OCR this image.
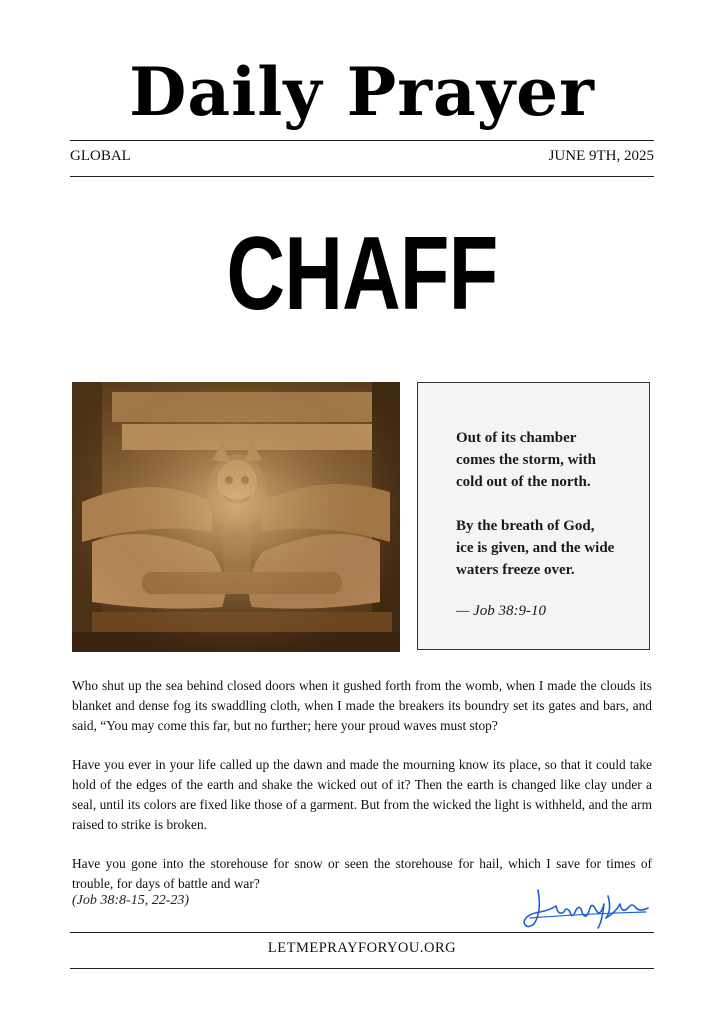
Daily Prayer
GLOBAL	JUNE 9TH, 2025
CHAFF

Out of its chamber

comes the storm, with

cold out of the north.

By the breath of God,

ice is given, and the wide

waters freeze over.

— Job 38:9-10

Who shut up the sea behind closed doors when it gushed forth from the womb, when I made the clouds its blanket and dense fog its swaddling cloth, when I made the breakers its boundry set its gates and bars, and said, “You may come this far, but no further; here your proud waves must stop?

Have you ever in your life called up the dawn and made the mourning know its place, so that it could take hold of the edges of the earth and shake the wicked out of it? Then the earth is changed like clay under a seal, until its colors are fixed like those of a garment. But from the wicked the light is withheld, and the arm raised to strike is broken.

Have you gone into the storehouse for snow or seen the storehouse for hail, which I save for times of trouble, for days of battle and war?

(Job 38:8-15, 22-23)
LETMEPRAYFORYOU.ORG
